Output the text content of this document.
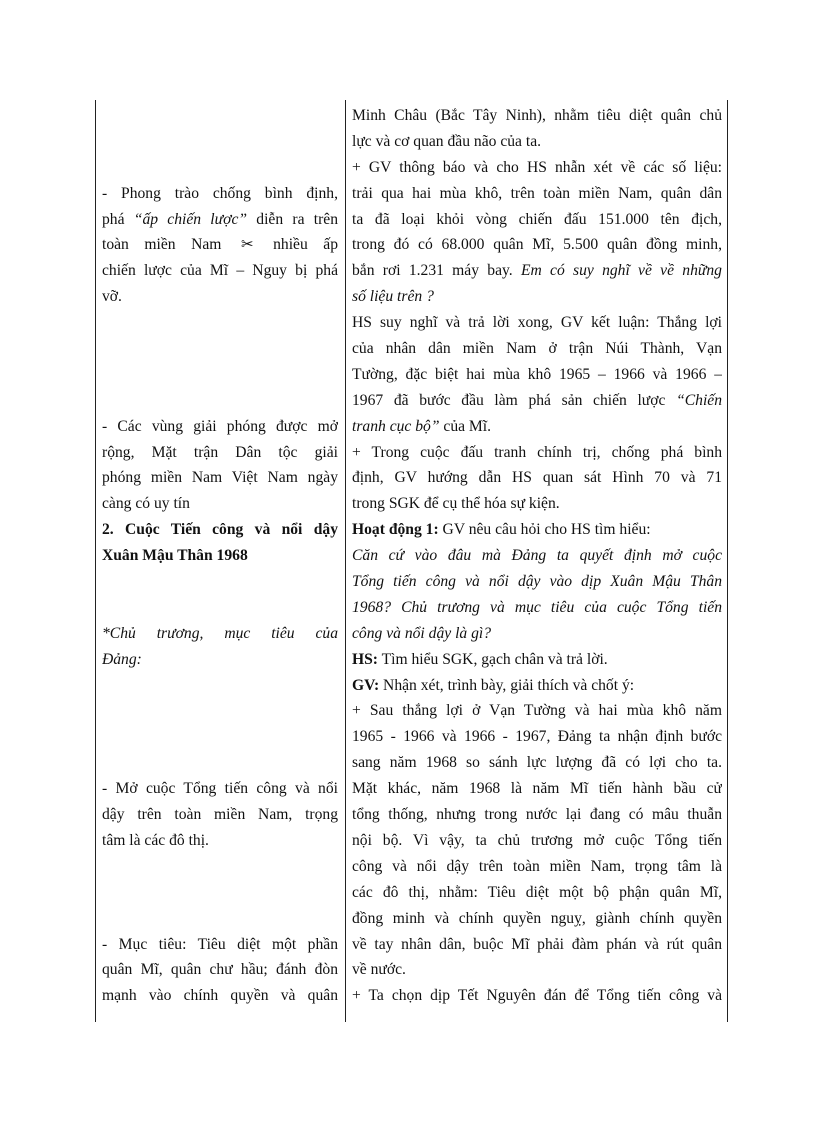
- Phong trào chống bình định,
phá “ấp chiến lược” diễn ra trên
toàn miền Nam ✂ nhiều ấp
chiến lược của Mĩ – Nguy bị phá
vỡ.
- Các vùng giải phóng được mở
rộng, Mặt trận Dân tộc giải
phóng miền Nam Việt Nam ngày
càng có uy tín
2. Cuộc Tiến công và nổi dậy
Xuân Mậu Thân 1968
*Chủ trương, mục tiêu của
Đảng:
- Mở cuộc Tổng tiến công và nổi
dậy trên toàn miền Nam, trọng
tâm là các đô thị.
- Mục tiêu: Tiêu diệt một phần
quân Mĩ, quân chư hầu; đánh đòn
mạnh vào chính quyền và quân
Minh Châu (Bắc Tây Ninh), nhằm tiêu diệt quân chủ
lực và cơ quan đầu não của ta.
+ GV thông báo và cho HS nhẫn xét về các số liệu:
trải qua hai mùa khô, trên toàn miền Nam, quân dân
ta đã loại khỏi vòng chiến đấu 151.000 tên địch,
trong đó có 68.000 quân Mĩ, 5.500 quân đồng minh,
bắn rơi 1.231 máy bay. Em có suy nghĩ về về những
số liệu trên ?
HS suy nghĩ và trả lời xong, GV kết luận: Thắng lợi
của nhân dân miền Nam ở trận Núi Thành, Vạn
Tường, đặc biệt hai mùa khô 1965 – 1966 và 1966 –
1967 đã bước đầu làm phá sản chiến lược “Chiến
tranh cục bộ” của Mĩ.
+ Trong cuộc đấu tranh chính trị, chống phá bình
định, GV hướng dẫn HS quan sát Hình 70 và 71
trong SGK để cụ thể hóa sự kiện.
Hoạt động 1: GV nêu câu hỏi cho HS tìm hiểu:
Căn cứ vào đâu mà Đảng ta quyết định mở cuộc
Tổng tiến công và nổi dậy vào dịp Xuân Mậu Thân
1968? Chủ trương và mục tiêu của cuộc Tổng tiến
công và nổi dậy là gì?
HS: Tìm hiểu SGK, gạch chân và trả lời.
GV: Nhận xét, trình bày, giải thích và chốt ý:
+ Sau thắng lợi ở Vạn Tường và hai mùa khô năm
1965 - 1966 và 1966 - 1967, Đảng ta nhận định bước
sang năm 1968 so sánh lực lượng đã có lợi cho ta.
Mặt khác, năm 1968 là năm Mĩ tiến hành bầu cử
tổng thống, nhưng trong nước lại đang có mâu thuẫn
nội bộ. Vì vậy, ta chủ trương mở cuộc Tổng tiến
công và nổi dậy trên toàn miền Nam, trọng tâm là
các đô thị, nhằm: Tiêu diệt một bộ phận quân Mĩ,
đồng minh và chính quyền nguỵ, giành chính quyền
về tay nhân dân, buộc Mĩ phải đàm phán và rút quân
về nước.
+ Ta chọn dịp Tết Nguyên đán để Tổng tiến công và
